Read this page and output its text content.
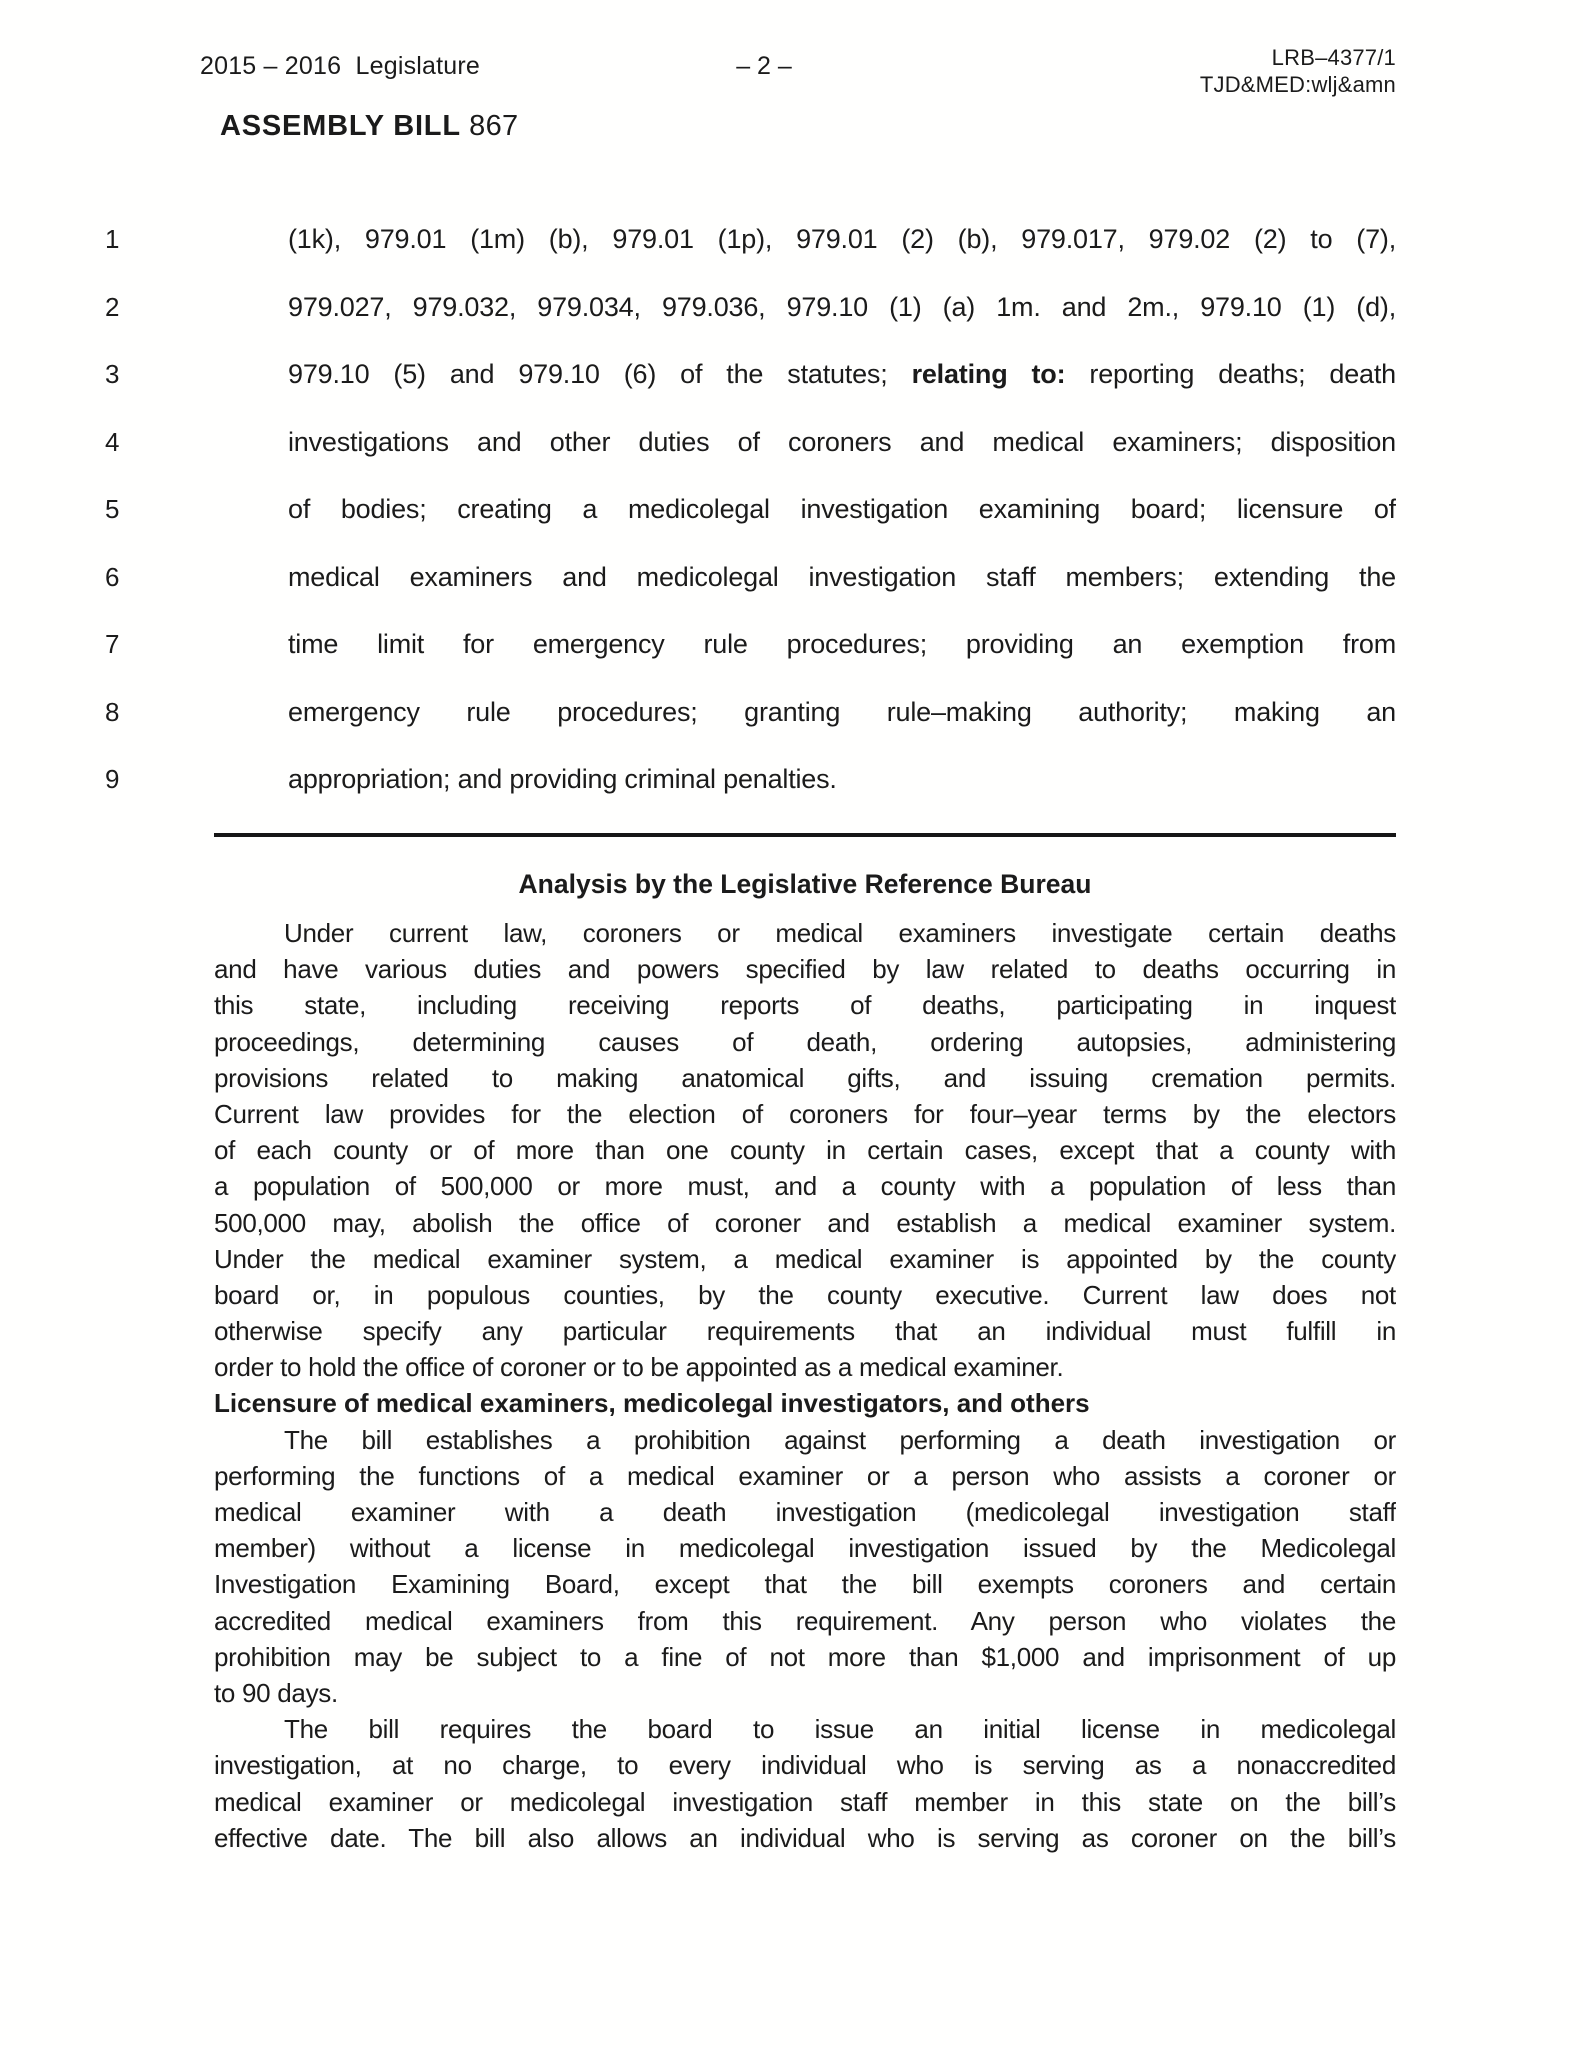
2015 – 2016  Legislature	– 2 –	LRB–4377/1
TJD&MED:wlj&amn
ASSEMBLY BILL 867
1	(1k), 979.01 (1m) (b), 979.01 (1p), 979.01 (2) (b), 979.017, 979.02 (2) to (7),
2	979.027, 979.032, 979.034, 979.036, 979.10 (1) (a) 1m. and 2m., 979.10 (1) (d),
3	979.10 (5) and 979.10 (6) of the statutes; relating to: reporting deaths; death
4	investigations and other duties of coroners and medical examiners; disposition
5	of bodies; creating a medicolegal investigation examining board; licensure of
6	medical examiners and medicolegal investigation staff members; extending the
7	time limit for emergency rule procedures; providing an exemption from
8	emergency rule procedures; granting rule–making authority; making an
9	appropriation; and providing criminal penalties.
Analysis by the Legislative Reference Bureau
Under current law, coroners or medical examiners investigate certain deaths
and have various duties and powers specified by law related to deaths occurring in
this state, including receiving reports of deaths, participating in inquest
proceedings, determining causes of death, ordering autopsies, administering
provisions related to making anatomical gifts, and issuing cremation permits.
Current law provides for the election of coroners for four–year terms by the electors
of each county or of more than one county in certain cases, except that a county with
a population of 500,000 or more must, and a county with a population of less than
500,000 may, abolish the office of coroner and establish a medical examiner system.
Under the medical examiner system, a medical examiner is appointed by the county
board or, in populous counties, by the county executive. Current law does not
otherwise specify any particular requirements that an individual must fulfill in
order to hold the office of coroner or to be appointed as a medical examiner.
Licensure of medical examiners, medicolegal investigators, and others
The bill establishes a prohibition against performing a death investigation or
performing the functions of a medical examiner or a person who assists a coroner or
medical examiner with a death investigation (medicolegal investigation staff
member) without a license in medicolegal investigation issued by the Medicolegal
Investigation Examining Board, except that the bill exempts coroners and certain
accredited medical examiners from this requirement. Any person who violates the
prohibition may be subject to a fine of not more than $1,000 and imprisonment of up
to 90 days.
The bill requires the board to issue an initial license in medicolegal
investigation, at no charge, to every individual who is serving as a nonaccredited
medical examiner or medicolegal investigation staff member in this state on the bill’s
effective date. The bill also allows an individual who is serving as coroner on the bill’s
